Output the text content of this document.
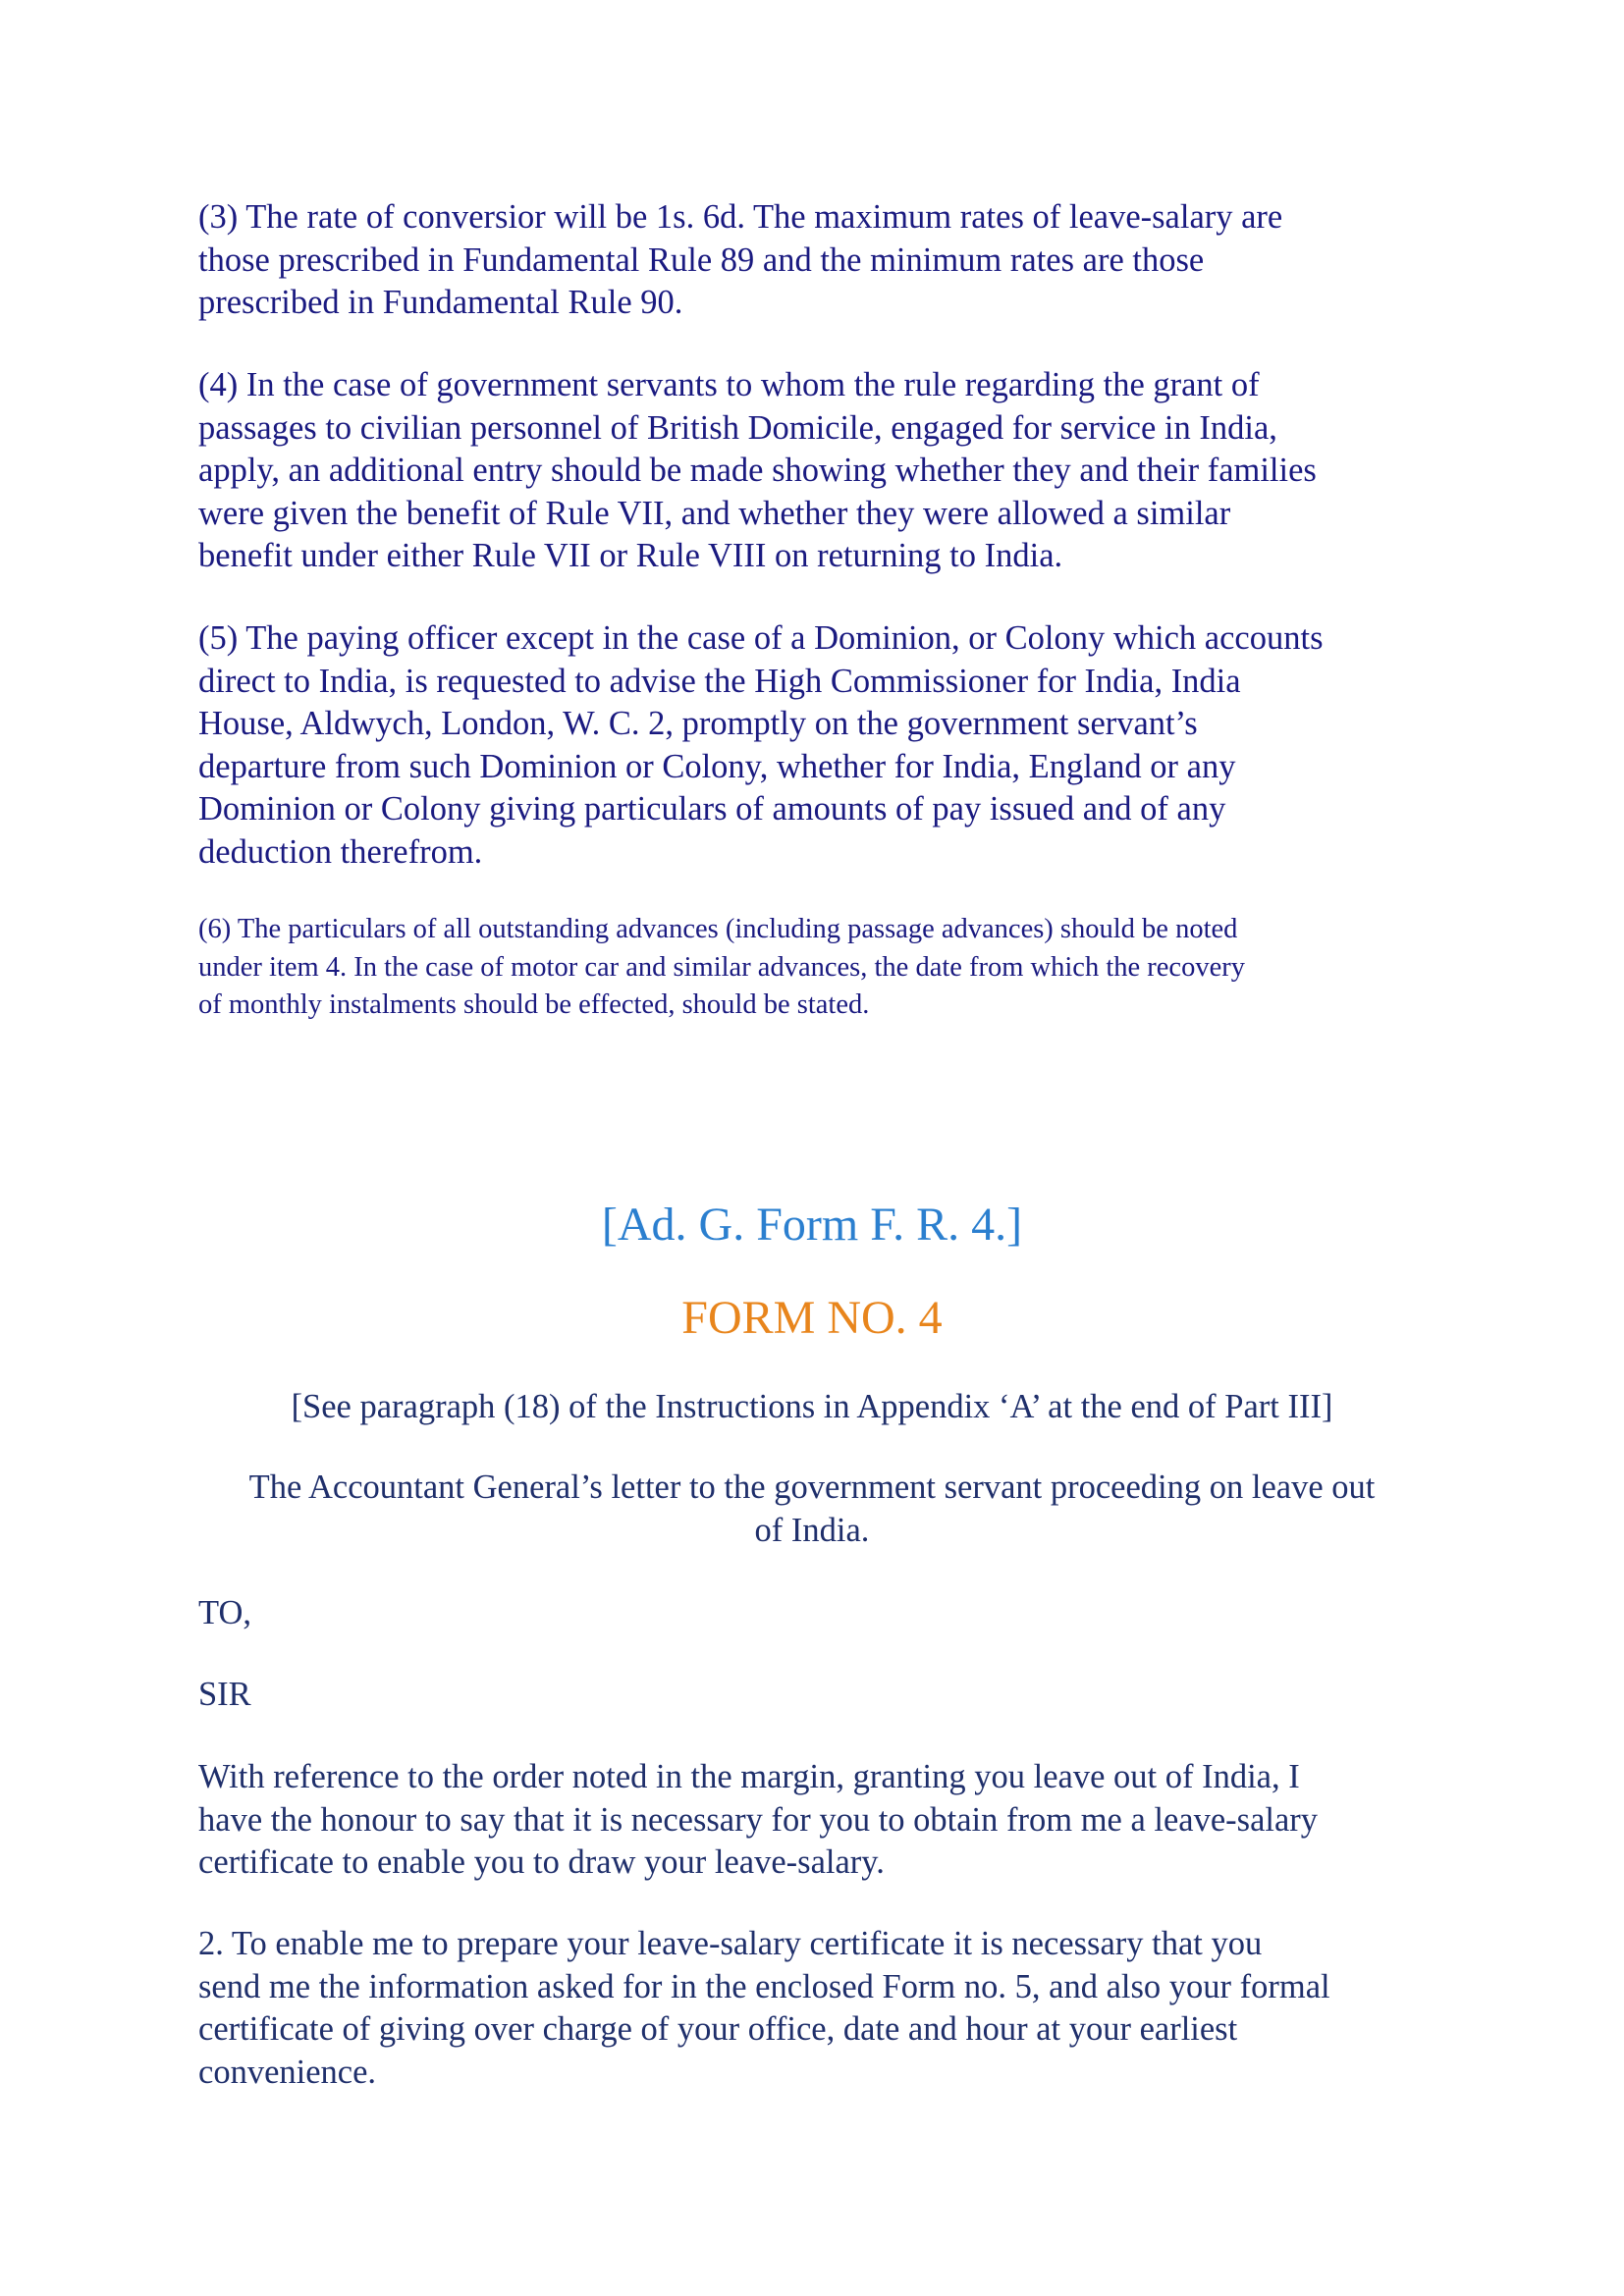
(3) The rate of conversior will be 1s. 6d. The maximum rates of leave-salary are
those prescribed in Fundamental Rule 89 and the minimum rates are those
prescribed in Fundamental Rule 90.

(4) In the case of government servants to whom the rule regarding the grant of
passages to civilian personnel of British Domicile, engaged for service in India,
apply, an additional entry should be made showing whether they and their families
were given the benefit of Rule VII, and whether they were allowed a similar
benefit under either Rule VII or Rule VIII on returning to India.

(5) The paying officer except in the case of a Dominion, or Colony which accounts
direct to India, is requested to advise the High Commissioner for India, India
House, Aldwych, London, W. C. 2, promptly on the government servant’s
departure from such Dominion or Colony, whether for India, England or any
Dominion or Colony giving particulars of amounts of pay issued and of any
deduction therefrom.

(6) The particulars of all outstanding advances (including passage advances) should be noted
under item 4. In the case of motor car and similar advances, the date from which the recovery
of monthly instalments should be effected, should be stated.

[Ad. G. Form F. R. 4.]

FORM NO. 4

[See paragraph (18) of the Instructions in Appendix ‘A’ at the end of Part III]

The Accountant General’s letter to the government servant proceeding on leave out
of India.

TO,

SIR

With reference to the order noted in the margin, granting you leave out of India, I
have the honour to say that it is necessary for you to obtain from me a leave-salary
certificate to enable you to draw your leave-salary.

2. To enable me to prepare your leave-salary certificate it is necessary that you
send me the information asked for in the enclosed Form no. 5, and also your formal
certificate of giving over charge of your office, date and hour at your earliest
convenience.
